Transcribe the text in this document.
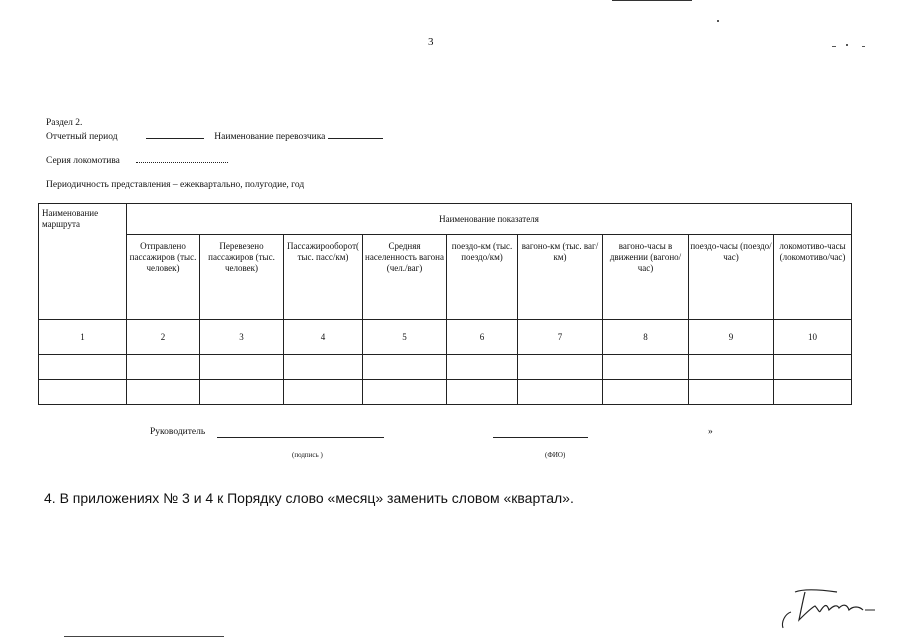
3
Раздел 2.
Отчетный период	Наименование перевозчика
Серия локомотива
Периодичность представления – ежеквартально, полугодие, год
Наименование маршрута	Наименование показателя								
	Отправлено пассажиров (тыс. человек)	Перевезено пассажиров (тыс. человек)	Пассажирооборот( тыс. пасс/км)	Средняя населенность вагона (чел./ваг)	поездо-км (тыс. поездо/км)	вагоно-км (тыс. ваг/км)	вагоно-часы в движении (вагоно/час)	поездо-часы (поездо/час)	локомотиво-часы (локомотиво/час)
1	2	3	4	5	6	7	8	9	10

Руководитель	»
(подпись )	(ФИО)
4. В приложениях № 3 и 4 к Порядку слово «месяц» заменить словом «квартал».
